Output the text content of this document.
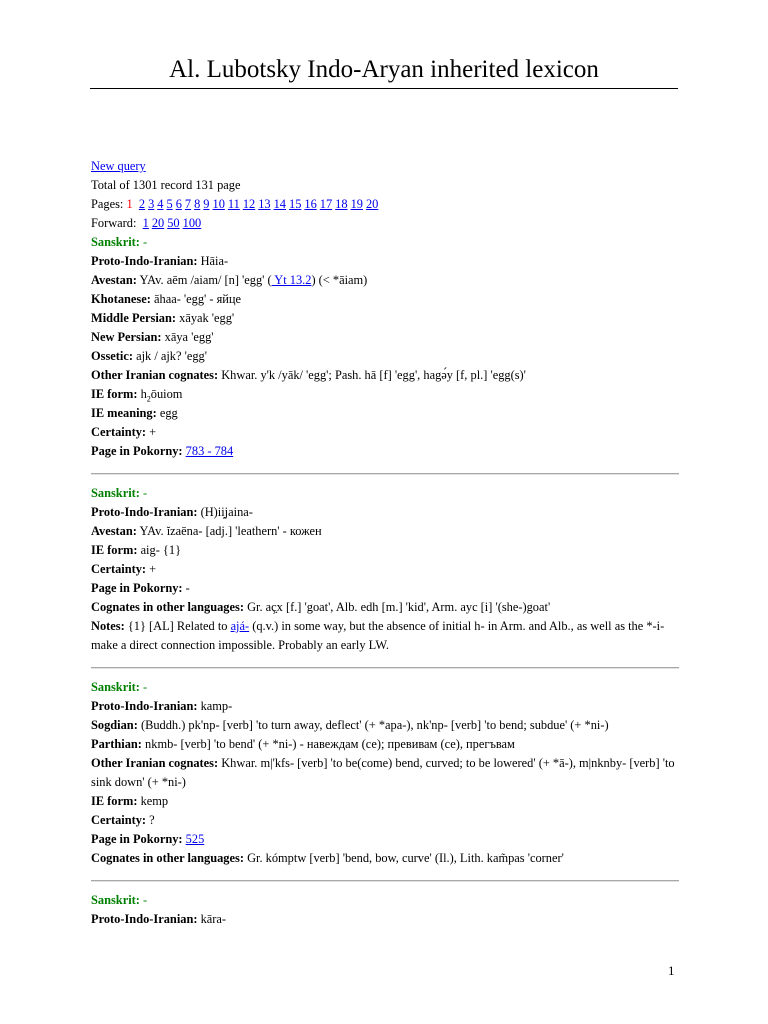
Al. Lubotsky Indo-Aryan inherited lexicon
New query
Total of 1301 record 131 page
Pages: 1 2 3 4 5 6 7 8 9 10 11 12 13 14 15 16 17 18 19 20
Forward: 1 20 50 100
Sanskrit: -
Proto-Indo-Iranian: Hāia-
Avestan: YAv. aēm /aiam/ [n] 'egg' ( Yt 13.2) (< *āiam)
Khotanese: āhaa- 'egg' - яйце
Middle Persian: xāyak 'egg'
New Persian: xāya 'egg'
Ossetic: ajk / ajk? 'egg'
Other Iranian cognates: Khwar. y'k /yāk/ 'egg'; Pash. hā [f] 'egg', hagə́y [f, pl.] 'egg(s)'
IE form: $h_2ōuiom$
IE meaning: egg
Certainty: +
Page in Pokorny: 783 - 784
Sanskrit: -
Proto-Indo-Iranian: (H)ii̯jaina-
Avestan: YAv. ĭzaēna- [adj.] 'leathern' - кожен
IE form: aig- {1}
Certainty: +
Page in Pokorny: -
Cognates in other languages: Gr. aç̣x [f.] 'goat', Alb. edh [m.] 'kid', Arm. ayc [i] '(she-)goat'
Notes: {1} [AL] Related to ajá- (q.v.) in some way, but the absence of initial h- in Arm. and Alb., as well as the *-i- make a direct connection impossible. Probably an early LW.
Sanskrit: -
Proto-Indo-Iranian: kamp-
Sogdian: (Buddh.) pk'np- [verb] 'to turn away, deflect' (+ *apa-), nk'np- [verb] 'to bend; subdue' (+ *ni-)
Parthian: nkmb- [verb] 'to bend' (+ *ni-) - навеждам (се); превивам (се), прегъвам
Other Iranian cognates: Khwar. m|'kfs- [verb] 'to be(come) bend, curved; to be lowered' (+ *ā-), m|nknby- [verb] 'to sink down' (+ *ni-)
IE form: kemp
Certainty: ?
Page in Pokorny: 525
Cognates in other languages: Gr. kómptw [verb] 'bend, bow, curve' (Il.), Lith. kam̃pas 'corner'
Sanskrit: -
Proto-Indo-Iranian: kāra-
1
